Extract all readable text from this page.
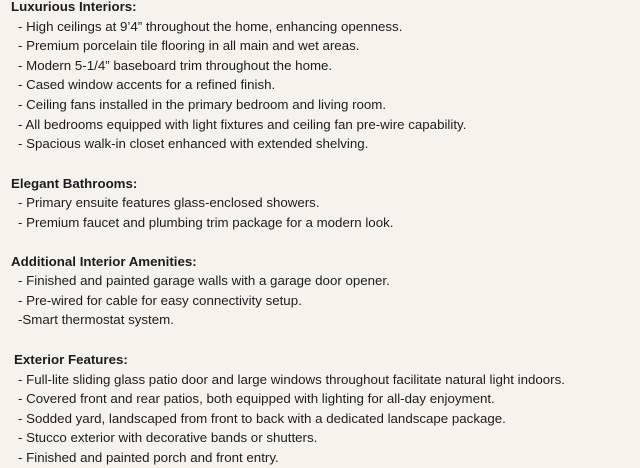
Luxurious Interiors:
- High ceilings at 9’4” throughout the home, enhancing openness.
- Premium porcelain tile flooring in all main and wet areas.
- Modern 5-1/4” baseboard trim throughout the home.
- Cased window accents for a refined finish.
- Ceiling fans installed in the primary bedroom and living room.
- All bedrooms equipped with light fixtures and ceiling fan pre-wire capability.
- Spacious walk-in closet enhanced with extended shelving.
Elegant Bathrooms:
- Primary ensuite features glass-enclosed showers.
- Premium faucet and plumbing trim package for a modern look.
Additional Interior Amenities:
- Finished and painted garage walls with a garage door opener.
- Pre-wired for cable for easy connectivity setup.
-Smart thermostat system.
Exterior Features:
- Full-lite sliding glass patio door and large windows throughout facilitate natural light indoors.
- Covered front and rear patios, both equipped with lighting for all-day enjoyment.
- Sodded yard, landscaped from front to back with a dedicated landscape package.
- Stucco exterior with decorative bands or shutters.
- Finished and painted porch and front entry.
